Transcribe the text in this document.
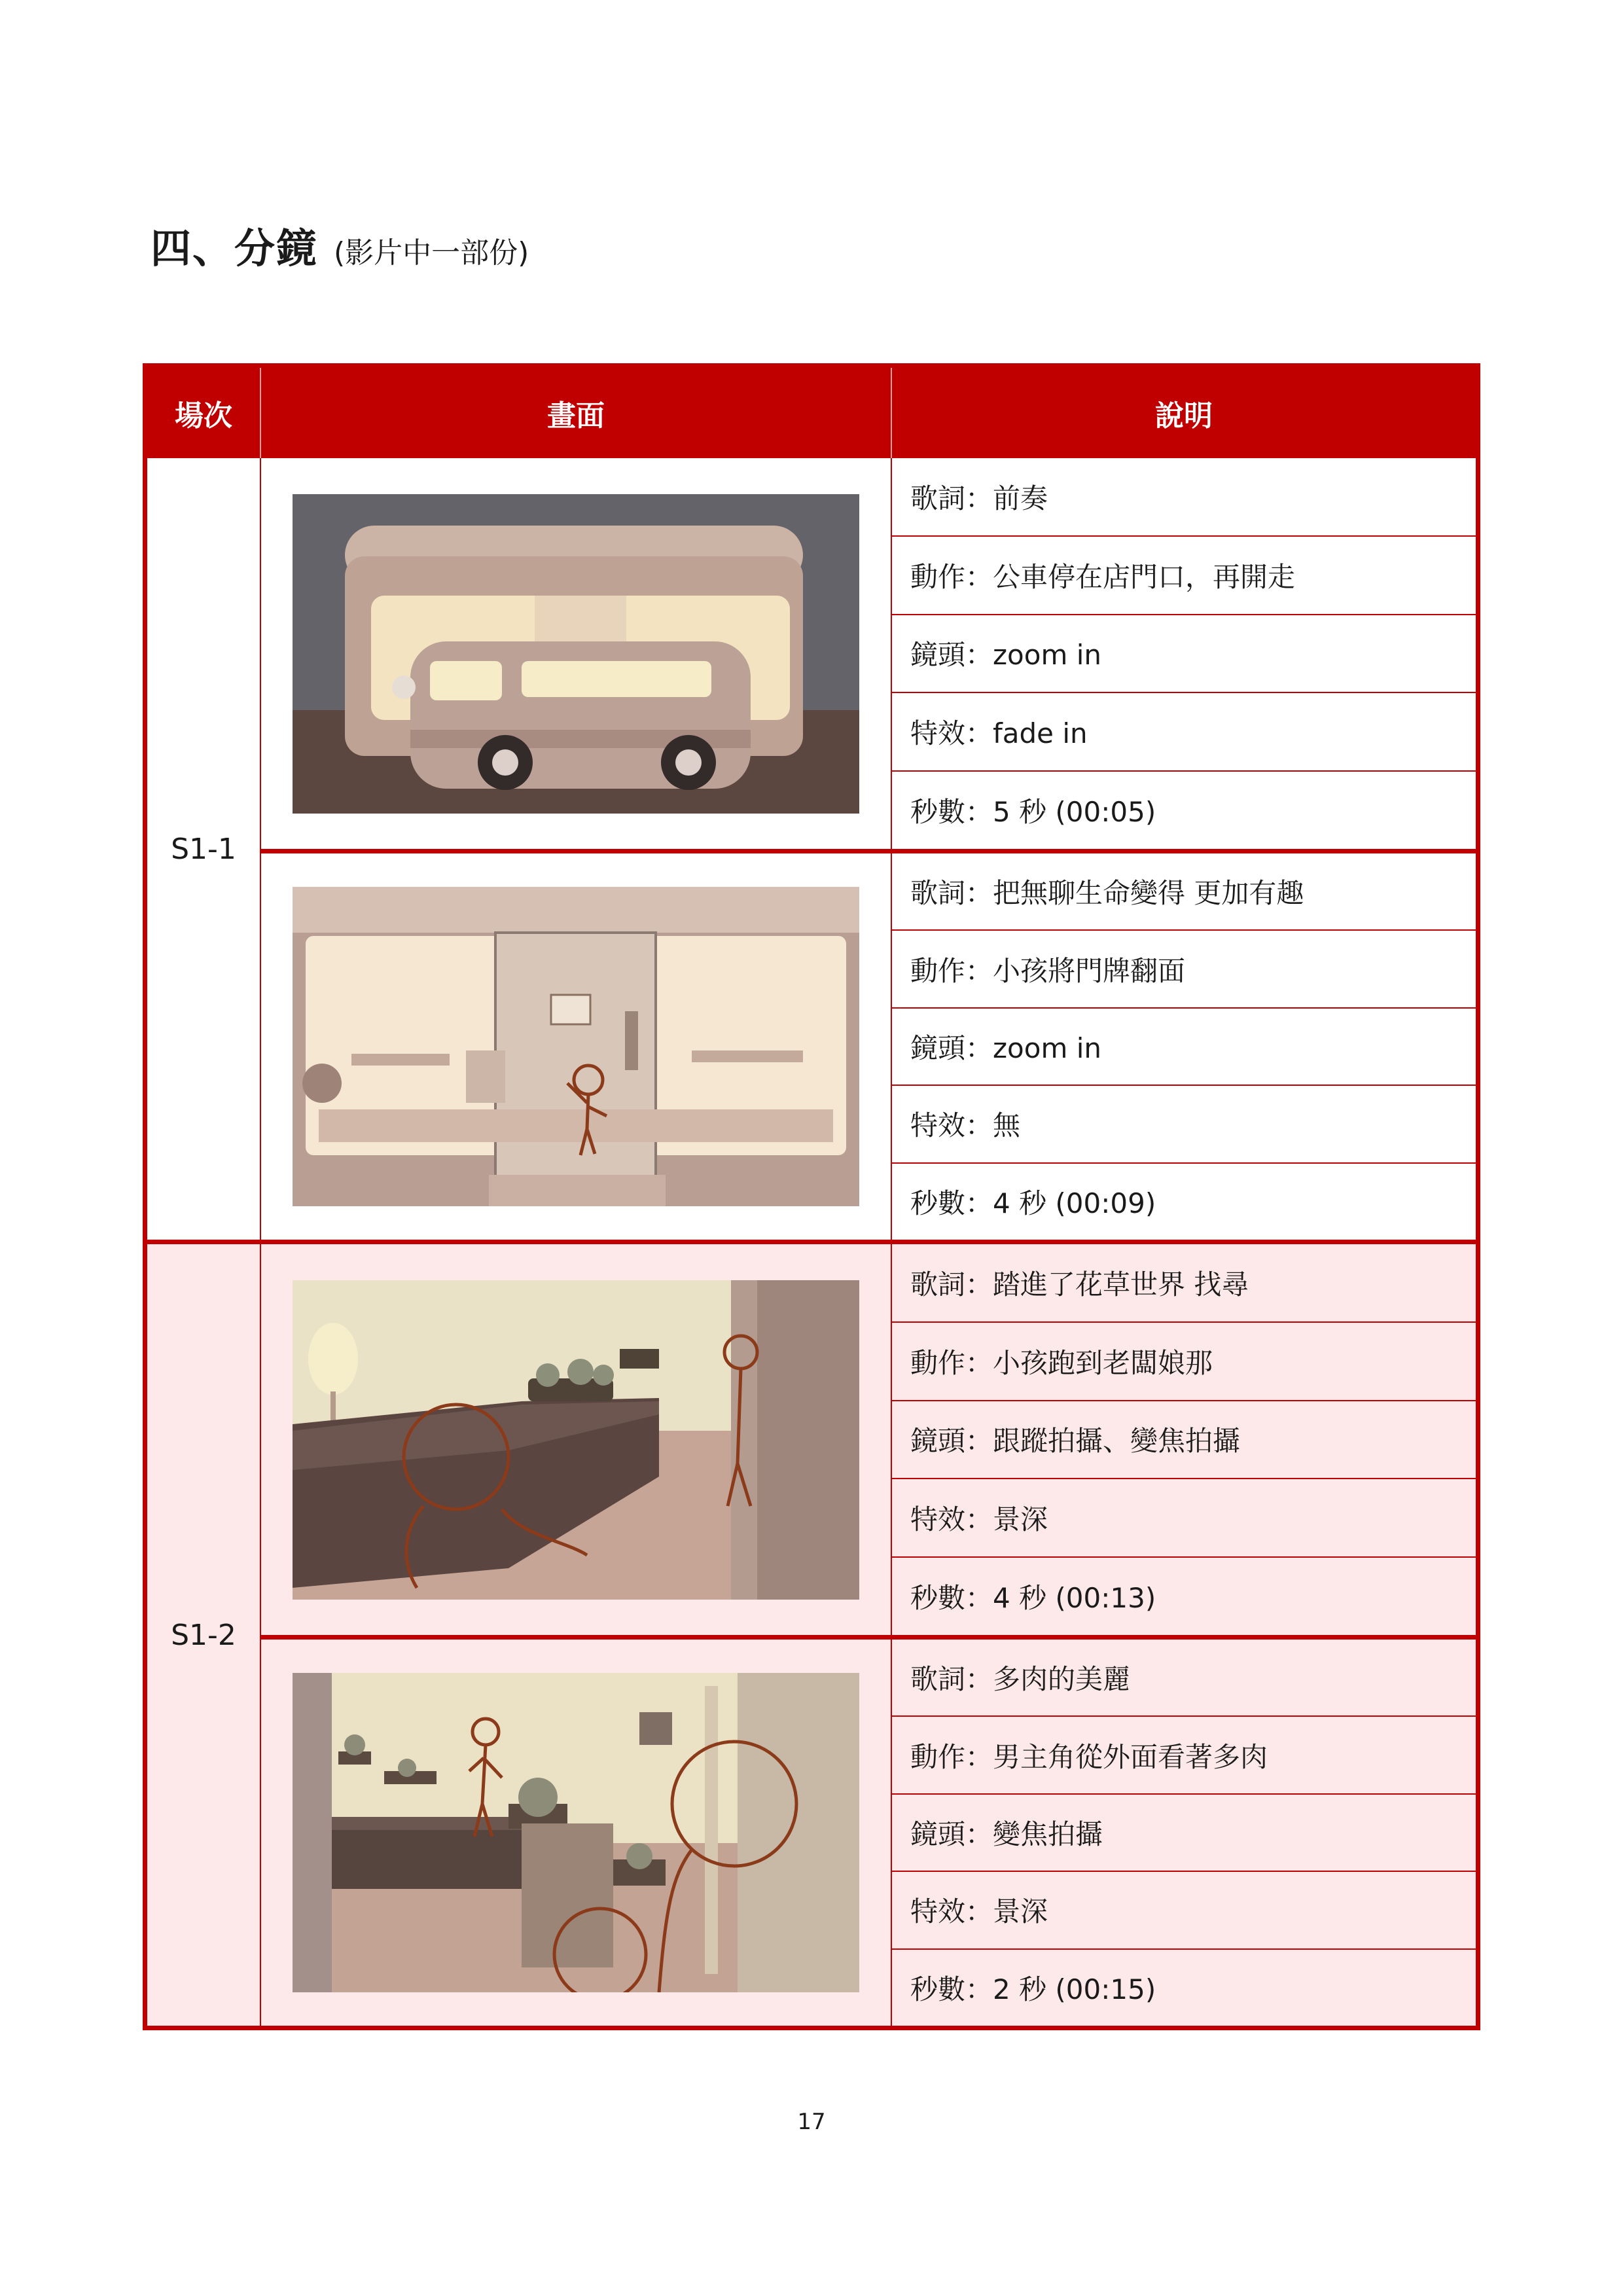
四、分鏡 (影片中一部份)
場次	畫面	說明
S1-1
歌詞：前奏
動作：公車停在店門口，再開走
鏡頭：zoom in
特效：fade in
秒數：5 秒 (00:05)
歌詞：把無聊生命變得 更加有趣
動作：小孩將門牌翻面
鏡頭：zoom in
特效：無
秒數：4 秒 (00:09)
S1-2
歌詞：踏進了花草世界 找尋
動作：小孩跑到老闆娘那
鏡頭：跟蹤拍攝、變焦拍攝
特效：景深
秒數：4 秒 (00:13)
歌詞：多肉的美麗
動作：男主角從外面看著多肉
鏡頭：變焦拍攝
特效：景深
秒數：2 秒 (00:15)
17
